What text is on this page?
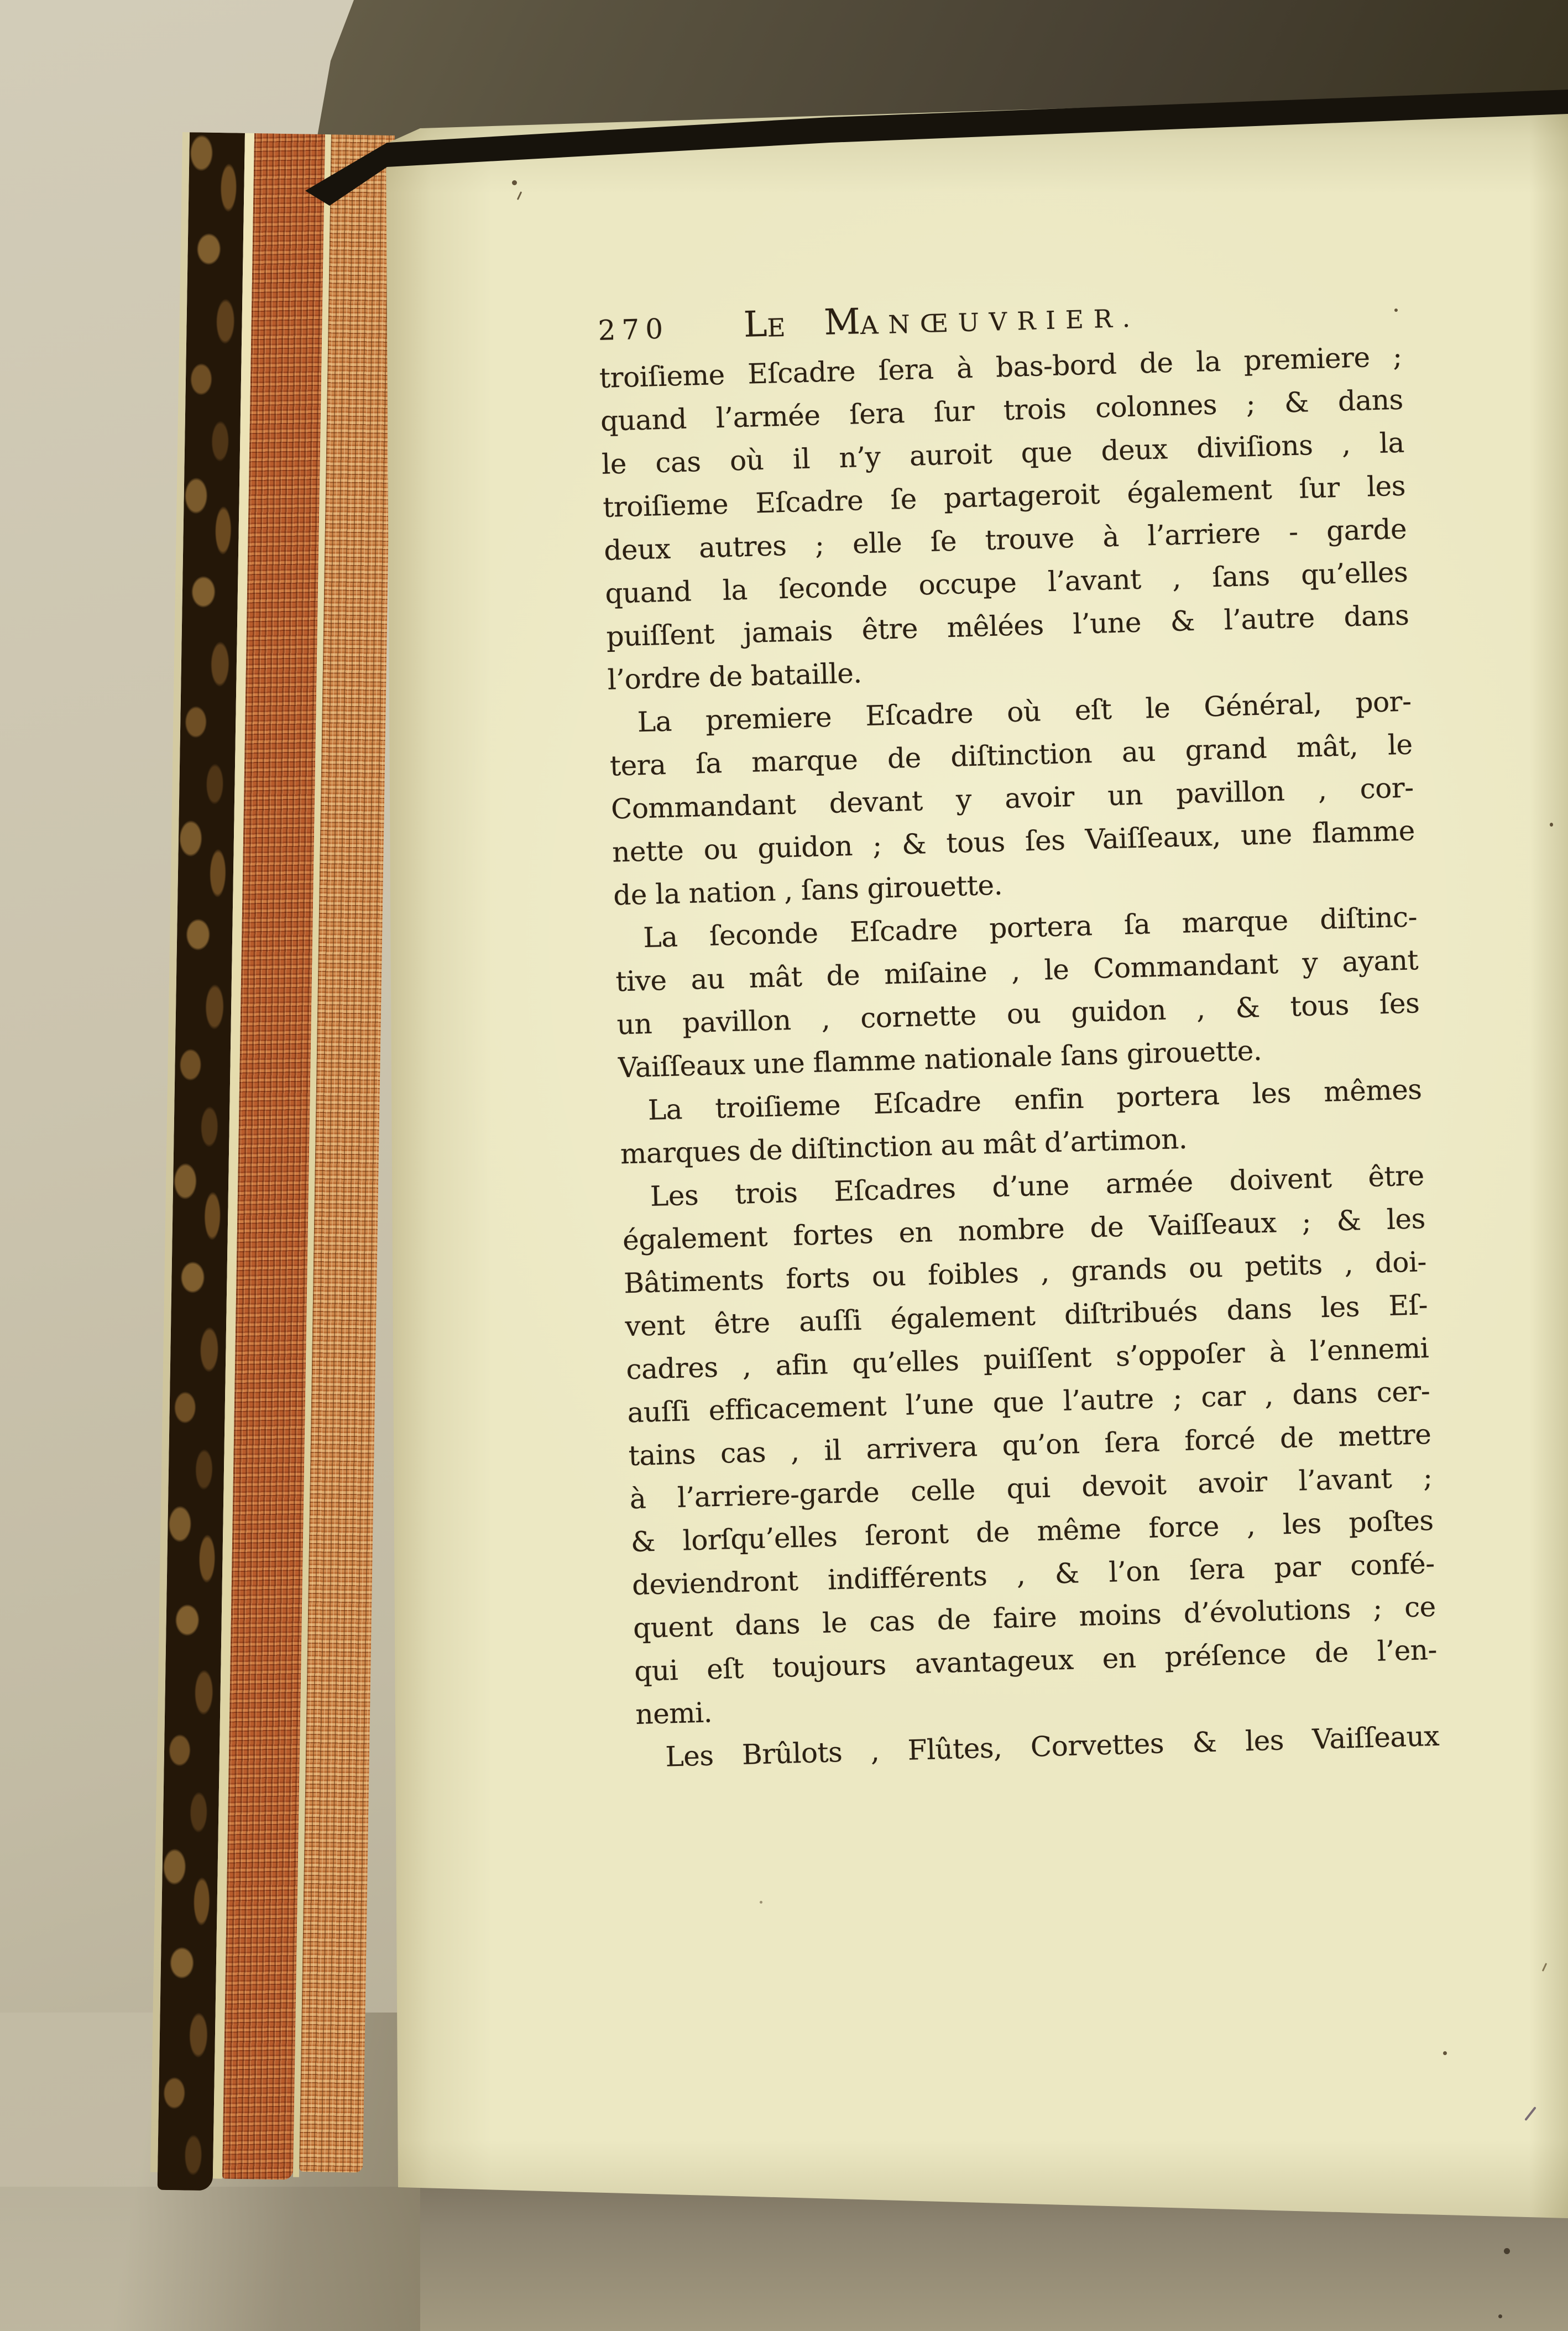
270 L
E M
ANŒUVRIER.
troiſieme Eſcadre ſera à bas-bord de la premiere ;
quand l’armée ſera ſur trois colonnes ; & dans
le cas où il n’y auroit que deux diviſions , la
troiſieme Eſcadre ſe partageroit également ſur les
deux autres ; elle ſe trouve à l’arriere - garde
quand la ſeconde occupe l’avant , ſans qu’elles
puiſſent jamais être mêlées l’une & l’autre dans
l’ordre de bataille.
La premiere Eſcadre où eſt le Général, por-
tera ſa marque de diſtinction au grand mât, le
Commandant devant y avoir un pavillon , cor-
nette ou guidon ; & tous ſes Vaiſſeaux, une flamme
de la nation , ſans girouette.
La ſeconde Eſcadre portera ſa marque diſtinc-
tive au mât de miſaine , le Commandant y ayant
un pavillon , cornette ou guidon , & tous ſes
Vaiſſeaux une flamme nationale ſans girouette.
La troiſieme Eſcadre enfin portera les mêmes
marques de diſtinction au mât d’artimon.
Les trois Eſcadres d’une armée doivent être
également fortes en nombre de Vaiſſeaux ; & les
Bâtiments forts ou foibles , grands ou petits , doi-
vent être auſſi également diſtribués dans les Eſ-
cadres , afin qu’elles puiſſent s’oppoſer à l’ennemi
auſſi efficacement l’une que l’autre ; car , dans cer-
tains cas , il arrivera qu’on ſera forcé de mettre
à l’arriere-garde celle qui devoit avoir l’avant ;
& lorſqu’elles ſeront de même force , les poſtes
deviendront indifférents , & l’on ſera par confé-
quent dans le cas de faire moins d’évolutions ; ce
qui eſt toujours avantageux en préſence de l’en-
nemi.
Les Brûlots , Flûtes, Corvettes & les Vaiſſeaux
